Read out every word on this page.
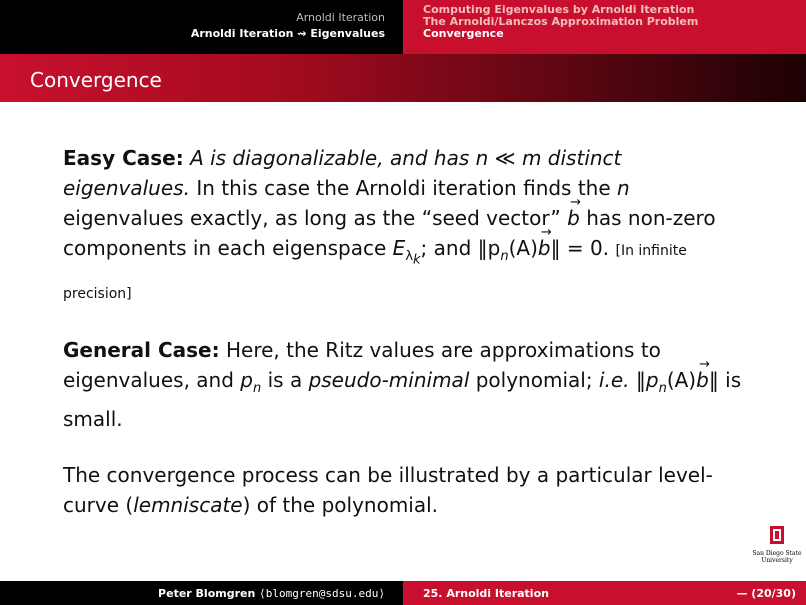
Arnoldi Iteration
Arnoldi Iteration ⇝ Eigenvalues
Computing Eigenvalues by Arnoldi Iteration
The Arnoldi/Lanczos Approximation Problem
Convergence
Convergence

Easy Case: A is diagonalizable, and has n ≪ m distinct eigenvalues. In this case the Arnoldi iteration finds the n eigenvalues exactly, as long as the “seed vector” → b has non-zero components in each eigenspace $E_{\lambda_k}$; and $‖p_n(A)\to$ b‖ = 0. [In infinite precision]

General Case: Here, the Ritz values are approximations to eigenvalues, and $p_n$ is a pseudo-minimal polynomial; i.e. $‖p_n(A)\to$ b‖ is small.

The convergence process can be illustrated by a particular level-curve (lemniscate) of the polynomial.

San Diego State
University
Peter Blomgren ⟨blomgren@sdsu.edu⟩	25. Arnoldi Iteration	— (20/30)
